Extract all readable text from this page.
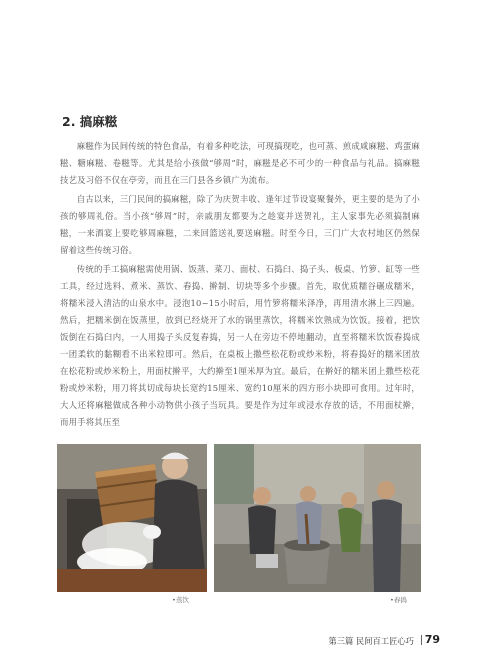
2. 搞麻糍

麻糍作为民间传统的特色食品，有着多种吃法，可现搞现吃，也可蒸、煎成咸麻糍、鸡蛋麻糍、糖麻糍、卷糍等。尤其是给小孩做“够周”时，麻糍是必不可少的一种食品与礼品。搞麻糍技艺及习俗不仅在亭旁，而且在三门县各乡镇广为流布。

自古以来，三门民间的搞麻糍，除了为庆贺丰收、逢年过节设宴聚餐外，更主要的是为了小孩的够周礼俗。当小孩“够周”时，亲戚朋友都要为之趁宴并送贺礼，主人家事先必须搞制麻糍，一来酒宴上要吃够周麻糍，二来回篮送礼要送麻糍。时至今日，三门广大农村地区仍然保留着这些传统习俗。

传统的手工搞麻糍需使用锅、饭蒸、菜刀、面杖、石捣臼、捣子头、板桌、竹箩、缸等一些工具，经过选料、煮米、蒸饮、舂捣、擀制、切块等多个步骤。首先，取优质糯谷碾成糯米，将糯米浸入清洁的山泉水中。浸泡10~15小时后，用竹箩将糯米泽净，再用清水淋上三四遍。然后，把糯米倒在饭蒸里，放到已经烧开了水的锅里蒸饮，将糯米饮熟成为饮饭。接着，把饮饭倒在石捣臼内，一人用捣子头反复舂捣，另一人在旁边不停地翻动，直至将糯米饮饭舂捣成一团柔软的黏糊看不出米粒即可。然后，在桌板上撒些松花粉或炒米粉，将舂捣好的糯米团放在松花粉或炒米粉上，用面杖擀平，大约擀至1厘米厚为宜。最后，在擀好的糯米团上撒些松花粉或炒米粉，用刀将其切成每块长宽约15厘米、宽约10厘米的四方形小块即可食用。过年时，大人还将麻糍做成各种小动物供小孩子当玩具。要是作为过年或浸水存放的话，不用面杖擀，而用手将其压至

•蒸饮	•舂捣
第三篇 民间百工匠心巧 79
